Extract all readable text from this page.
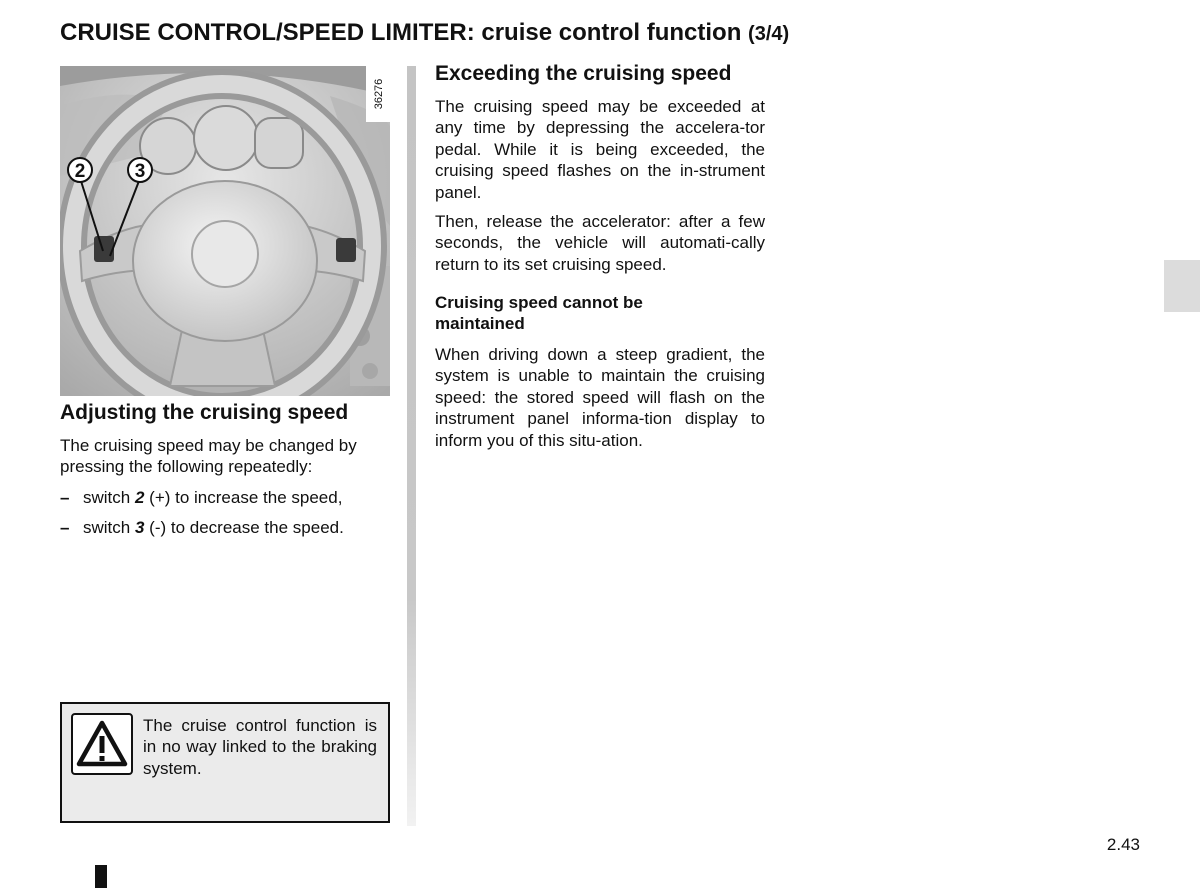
CRUISE CONTROL/SPEED LIMITER: cruise control function (3/4)
2	3
36276
Adjusting the cruising speed

The cruising speed may be changed by pressing the following repeatedly:

– switch 2 (+) to increase the speed,

– switch 3 (-) to decrease the speed.

The cruise control function is in no way linked to the braking system.

Exceeding the cruising speed

The cruising speed may be exceeded at any time by depressing the accelera-tor pedal. While it is being exceeded, the cruising speed flashes on the in-strument panel.

Then, release the accelerator: after a few seconds, the vehicle will automati-cally return to its set cruising speed.

Cruising speed cannot be maintained

When driving down a steep gradient, the system is unable to maintain the cruising speed: the stored speed will flash on the instrument panel informa-tion display to inform you of this situ-ation.

2.43
